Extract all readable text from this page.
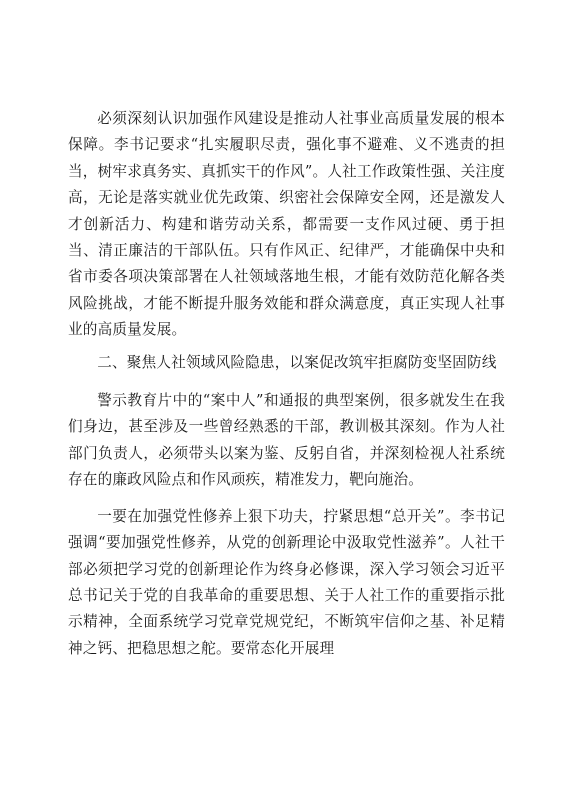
必须深刻认识加强作风建设是推动人社事业高质量发展的根本保障。李书记要求“扎实履职尽责，强化事不避难、义不逃责的担当，树牢求真务实、真抓实干的作风”。人社工作政策性强、关注度高，无论是落实就业优先政策、织密社会保障安全网，还是激发人才创新活力、构建和谐劳动关系，都需要一支作风过硬、勇于担当、清正廉洁的干部队伍。只有作风正、纪律严，才能确保中央和省市委各项决策部署在人社领域落地生根，才能有效防范化解各类风险挑战，才能不断提升服务效能和群众满意度，真正实现人社事业的高质量发展。

二、聚焦人社领域风险隐患，以案促改筑牢拒腐防变坚固防线

警示教育片中的“案中人”和通报的典型案例，很多就发生在我们身边，甚至涉及一些曾经熟悉的干部，教训极其深刻。作为人社部门负责人，必须带头以案为鉴、反躬自省，并深刻检视人社系统存在的廉政风险点和作风顽疾，精准发力，靶向施治。

一要在加强党性修养上狠下功夫，拧紧思想“总开关”。李书记强调“要加强党性修养，从党的创新理论中汲取党性滋养”。人社干部必须把学习党的创新理论作为终身必修课，深入学习领会习近平总书记关于党的自我革命的重要思想、关于人社工作的重要指示批示精神，全面系统学习党章党规党纪，不断筑牢信仰之基、补足精神之钙、把稳思想之舵。要常态化开展理
